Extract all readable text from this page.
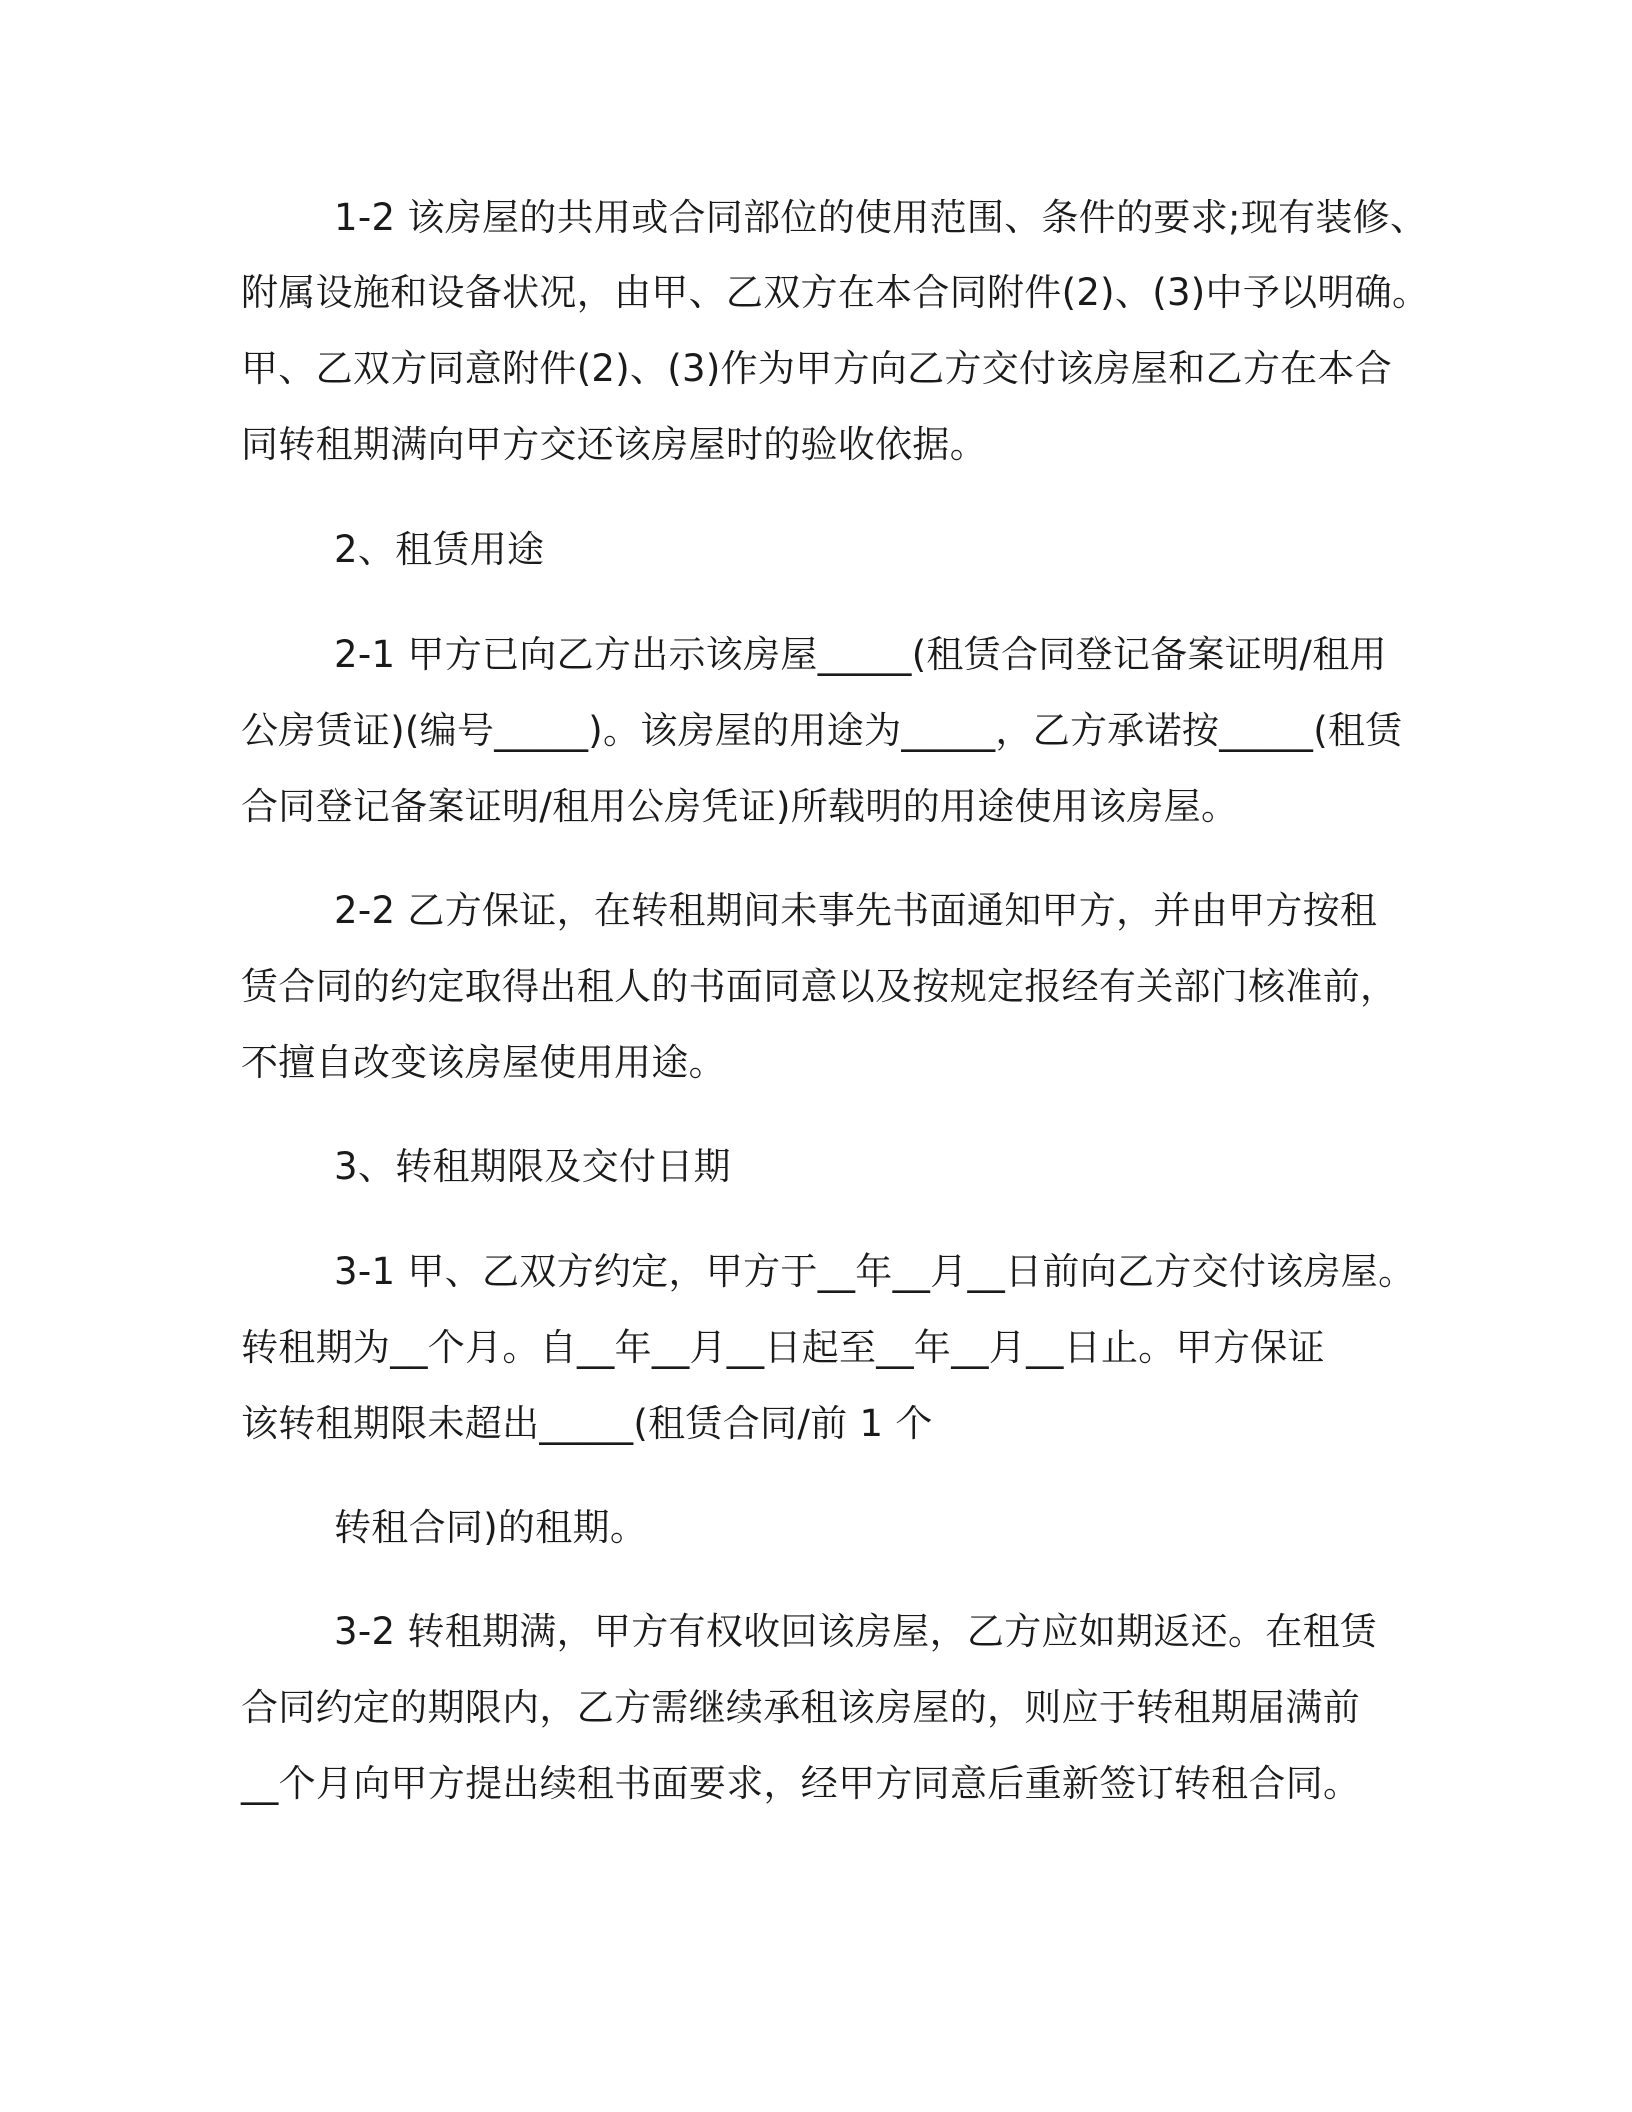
1-2 该房屋的共用或合同部位的使用范围、条件的要求;现有装修、
附属设施和设备状况，由甲、乙双方在本合同附件(2)、(3)中予以明确。
甲、乙双方同意附件(2)、(3)作为甲方向乙方交付该房屋和乙方在本合
同转租期满向甲方交还该房屋时的验收依据。
2、租赁用途
2-1 甲方已向乙方出示该房屋_____(租赁合同登记备案证明/租用
公房赁证)(编号_____)。该房屋的用途为_____，乙方承诺按_____(租赁
合同登记备案证明/租用公房凭证)所载明的用途使用该房屋。
2-2 乙方保证，在转租期间未事先书面通知甲方，并由甲方按租
赁合同的约定取得出租人的书面同意以及按规定报经有关部门核准前，
不擅自改变该房屋使用用途。
3、转租期限及交付日期
3-1 甲、乙双方约定，甲方于__年__月__日前向乙方交付该房屋。
转租期为__个月。自__年__月__日起至__年__月__日止。甲方保证
该转租期限未超出_____(租赁合同/前 1 个
转租合同)的租期。
3-2 转租期满，甲方有权收回该房屋，乙方应如期返还。在租赁
合同约定的期限内，乙方需继续承租该房屋的，则应于转租期届满前
__个月向甲方提出续租书面要求，经甲方同意后重新签订转租合同。
